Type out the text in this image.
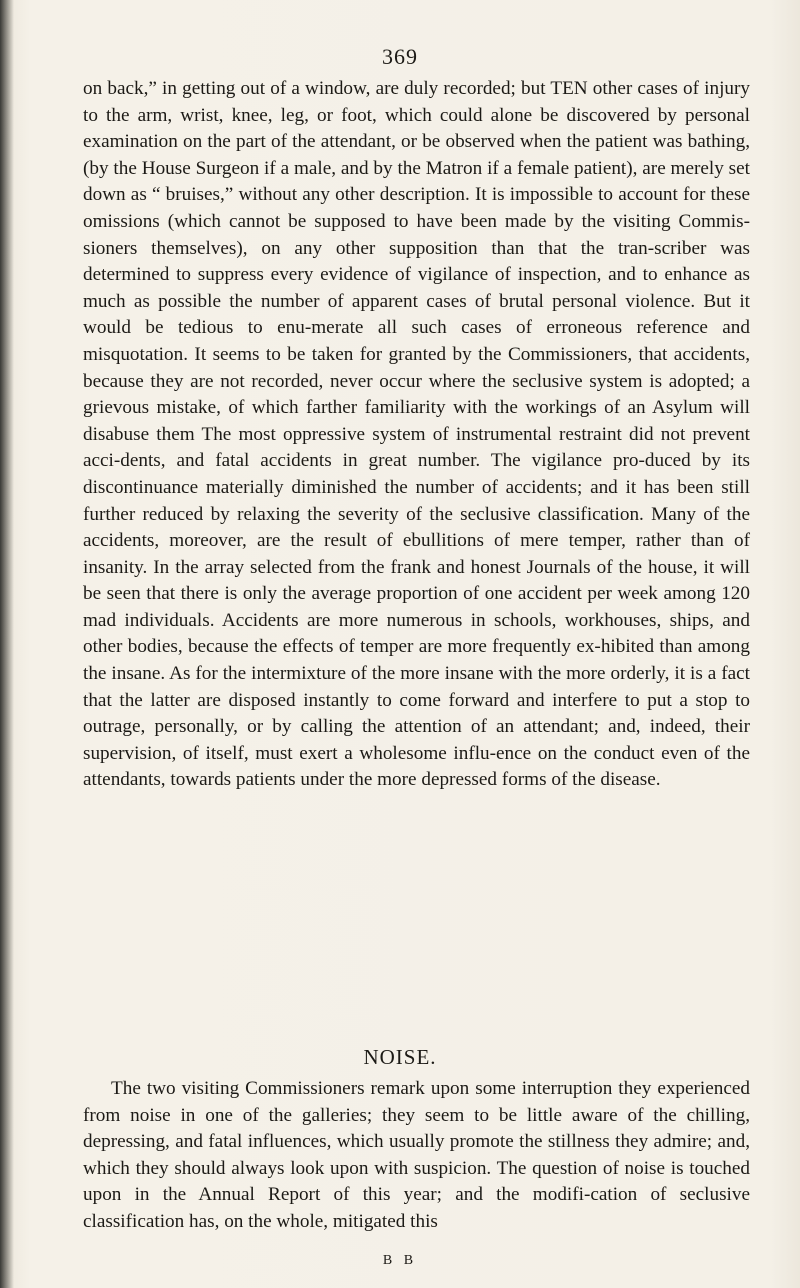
369

on back,” in getting out of a window, are duly recorded; but TEN other cases of injury to the arm, wrist, knee, leg, or foot, which could alone be discovered by personal examination on the part of the attendant, or be observed when the patient was bathing, (by the House Surgeon if a male, and by the Matron if a female patient), are merely set down as “ bruises,” without any other description. It is impossible to account for these omissions (which cannot be supposed to have been made by the visiting Commis-sioners themselves), on any other supposition than that the tran-scriber was determined to suppress every evidence of vigilance of inspection, and to enhance as much as possible the number of apparent cases of brutal personal violence. But it would be tedious to enu-merate all such cases of erroneous reference and misquotation. It seems to be taken for granted by the Commissioners, that accidents, because they are not recorded, never occur where the seclusive system is adopted; a grievous mistake, of which farther familiarity with the workings of an Asylum will disabuse them The most oppressive system of instrumental restraint did not prevent acci-dents, and fatal accidents in great number. The vigilance pro-duced by its discontinuance materially diminished the number of accidents; and it has been still further reduced by relaxing the severity of the seclusive classification. Many of the accidents, moreover, are the result of ebullitions of mere temper, rather than of insanity. In the array selected from the frank and honest Journals of the house, it will be seen that there is only the average proportion of one accident per week among 120 mad individuals. Accidents are more numerous in schools, workhouses, ships, and other bodies, because the effects of temper are more frequently ex-hibited than among the insane. As for the intermixture of the more insane with the more orderly, it is a fact that the latter are disposed instantly to come forward and interfere to put a stop to outrage, personally, or by calling the attention of an attendant; and, indeed, their supervision, of itself, must exert a wholesome influ-ence on the conduct even of the attendants, towards patients under the more depressed forms of the disease.

NOISE.

The two visiting Commissioners remark upon some interruption they experienced from noise in one of the galleries; they seem to be little aware of the chilling, depressing, and fatal influences, which usually promote the stillness they admire; and, which they should always look upon with suspicion. The question of noise is touched upon in the Annual Report of this year; and the modifi-cation of seclusive classification has, on the whole, mitigated this

B B
